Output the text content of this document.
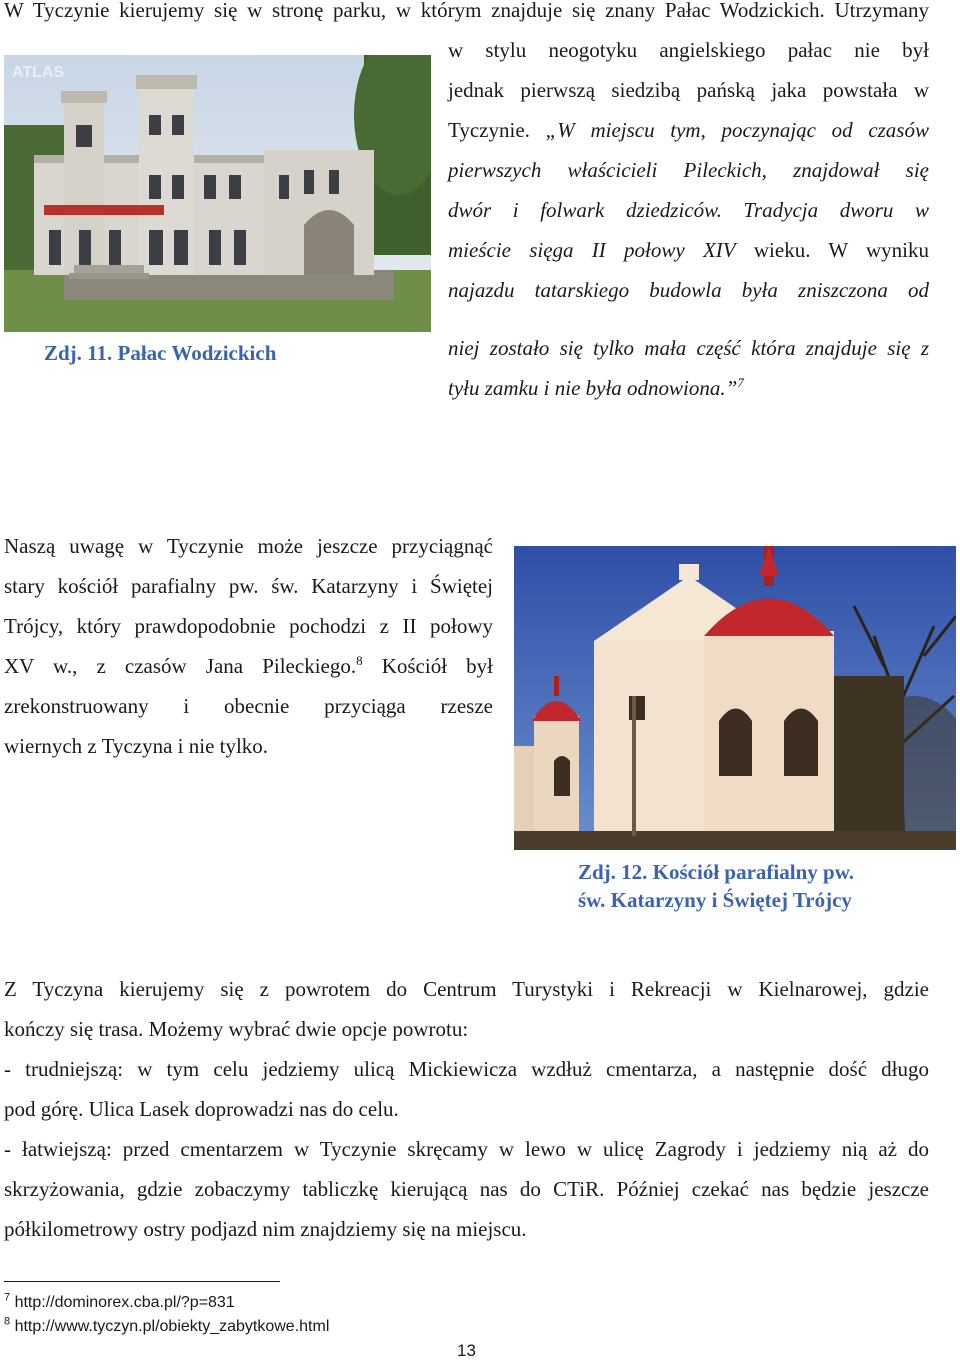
W Tyczynie kierujemy się w stronę parku, w którym znajduje się znany Pałac Wodzickich. Utrzymany
w stylu neogotyku angielskiego pałac nie był
jednak pierwszą siedzibą pańską jaka powstała w
Tyczynie. „W miejscu tym, poczynając od czasów
pierwszych właścicieli Pileckich, znajdował się
dwór i folwark dziedziców. Tradycja dworu w
mieście sięga II połowy XIV wieku. W wyniku
najazdu tatarskiego budowla była zniszczona od
niej zostało się tylko mała część która znajduje się z
tyłu zamku i nie była odnowiona.”$^7$
ATLAS
Zdj. 11. Pałac Wodzickich
Naszą uwagę w Tyczynie może jeszcze przyciągnąć
stary kościół parafialny pw. św. Katarzyny i Świętej
Trójcy, który prawdopodobnie pochodzi z II połowy
XV w., z czasów Jana Pileckiego.$^8$ Kościół był
zrekonstruowany i obecnie przyciąga rzesze
wiernych z Tyczyna i nie tylko.
Zdj. 12. Kościół parafialny pw.
św. Katarzyny i Świętej Trójcy
Z Tyczyna kierujemy się z powrotem do Centrum Turystyki i Rekreacji w Kielnarowej, gdzie
kończy się trasa. Możemy wybrać dwie opcje powrotu:
- trudniejszą: w tym celu jedziemy ulicą Mickiewicza wzdłuż cmentarza, a następnie dość długo
pod górę. Ulica Lasek doprowadzi nas do celu.
- łatwiejszą: przed cmentarzem w Tyczynie skręcamy w lewo w ulicę Zagrody i jedziemy nią aż do
skrzyżowania, gdzie zobaczymy tabliczkę kierującą nas do CTiR. Później czekać nas będzie jeszcze
półkilometrowy ostry podjazd nim znajdziemy się na miejscu.
$^7$ http://dominorex.cba.pl/?p=831
$^8$ http://www.tyczyn.pl/obiekty_zabytkowe.html
13
